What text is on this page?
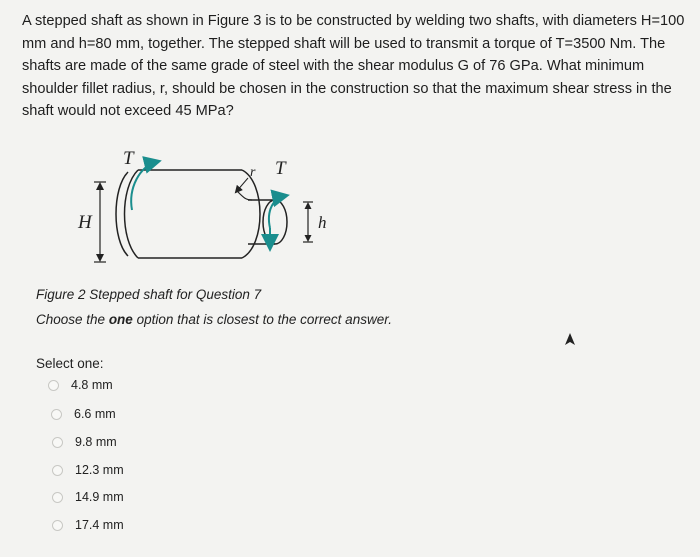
A stepped shaft as shown in Figure 3 is to be constructed by welding two shafts, with diameters H=100 mm and h=80 mm, together. The stepped shaft will be used to transmit a torque of T=3500 Nm. The shafts are made of the same grade of steel with the shear modulus G of 76 GPa. What minimum shoulder fillet radius, r, should be chosen in the construction so that the maximum shear stress in the shaft would not exceed 45 MPa?
T
r T
H	h
Figure 2 Stepped shaft for Question 7
Choose the one option that is closest to the correct answer.
Select one:
4.8 mm
6.6 mm
9.8 mm
12.3 mm
14.9 mm
17.4 mm
